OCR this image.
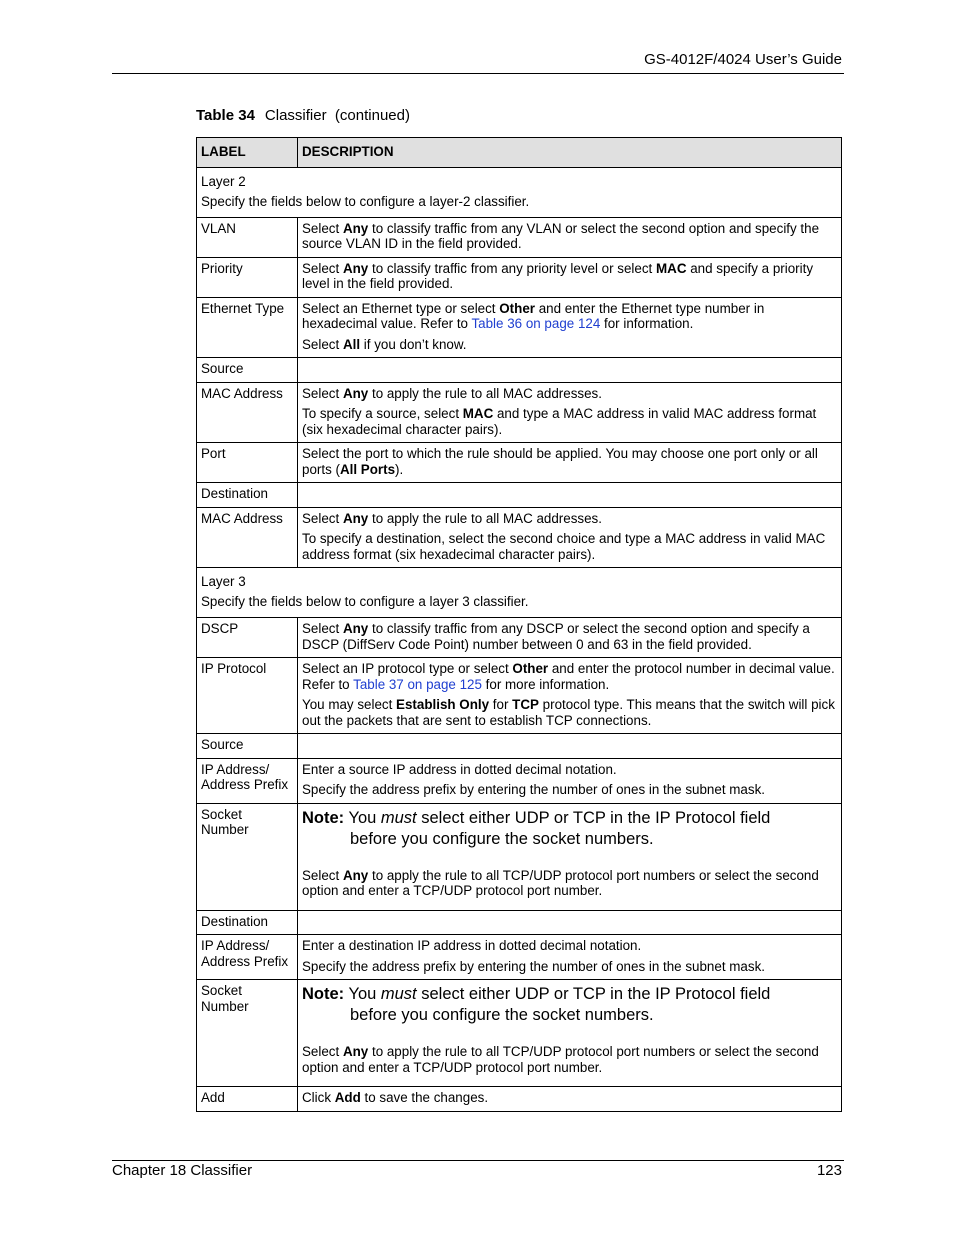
GS-4012F/4024 User’s Guide
Table 34 Classifier  (continued)
LABEL	DESCRIPTION

Layer 2
Specify the fields below to configure a layer-2 classifier.	

VLAN	Select Any to classify traffic from any VLAN or select the second option and specify the source VLAN ID in the field provided.

Priority	Select Any to classify traffic from any priority level or select MAC and specify a priority level in the field provided.

Ethernet Type	Select an Ethernet type or select Other and enter the Ethernet type number in hexadecimal value. Refer to Table 36 on page 124 for information.

Select All if you don’t know.

Source	
MAC Address	Select Any to apply the rule to all MAC addresses.

To specify a source, select MAC and type a MAC address in valid MAC address format (six hexadecimal character pairs).

Port	Select the port to which the rule should be applied. You may choose one port only or all ports (All Ports).

Destination	
MAC Address	Select Any to apply the rule to all MAC addresses.

To specify a destination, select the second choice and type a MAC address in valid MAC address format (six hexadecimal character pairs).

Layer 3
Specify the fields below to configure a layer 3 classifier.	

DSCP	Select Any to classify traffic from any DSCP or select the second option and specify a DSCP (DiffServ Code Point) number between 0 and 63 in the field provided.

IP Protocol	Select an IP protocol type or select Other and enter the protocol number in decimal value. Refer to Table 37 on page 125 for more information.

You may select Establish Only for TCP protocol type. This means that the switch will pick out the packets that are sent to establish TCP connections.

Source	
IP Address/ Address Prefix	Enter a source IP address in dotted decimal notation.

Specify the address prefix by entering the number of ones in the subnet mask.

Socket Number	Note: You must select either UDP or TCP in the IP Protocol field
before you configure the socket numbers.

Select Any to apply the rule to all TCP/UDP protocol port numbers or select the second option and enter a TCP/UDP protocol port number.

Destination	
IP Address/ Address Prefix	Enter a destination IP address in dotted decimal notation.

Specify the address prefix by entering the number of ones in the subnet mask.

Socket Number	Note: You must select either UDP or TCP in the IP Protocol field
before you configure the socket numbers.

Select Any to apply the rule to all TCP/UDP protocol port numbers or select the second option and enter a TCP/UDP protocol port number.

Add	Click Add to save the changes.

Chapter 18 Classifier	123
